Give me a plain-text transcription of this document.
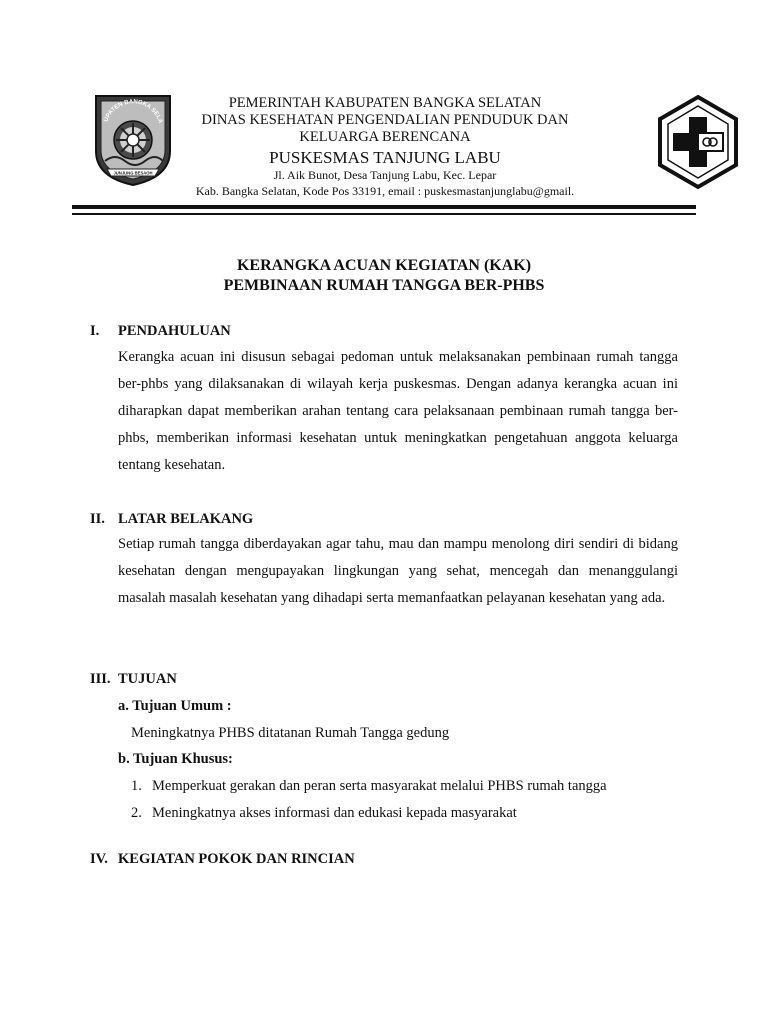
UPATEN BANGKA SELA
JUNJUNG BESAOH
PEMERINTAH KABUPATEN BANGKA SELATAN
DINAS KESEHATAN PENGENDALIAN PENDUDUK DAN
KELUARGA BERENCANA
PUSKESMAS TANJUNG LABU
Jl. Aik Bunot, Desa Tanjung Labu, Kec. Lepar
Kab. Bangka Selatan, Kode Pos 33191, email : puskesmastanjunglabu@gmail.
KERANGKA ACUAN KEGIATAN (KAK)
PEMBINAAN RUMAH TANGGA BER-PHBS
I. PENDAHULUAN

Kerangka acuan ini disusun sebagai pedoman untuk melaksanakan pembinaan rumah tangga ber-phbs yang dilaksanakan di wilayah kerja puskesmas. Dengan adanya kerangka acuan ini diharapkan dapat memberikan arahan tentang cara pelaksanaan pembinaan rumah tangga ber-phbs, memberikan informasi kesehatan untuk meningkatkan pengetahuan anggota keluarga tentang kesehatan.

II. LATAR BELAKANG

Setiap rumah tangga diberdayakan agar tahu, mau dan mampu menolong diri sendiri di bidang kesehatan dengan mengupayakan lingkungan yang sehat, mencegah dan menanggulangi masalah masalah kesehatan yang dihadapi serta memanfaatkan pelayanan kesehatan yang ada.

III. TUJUAN
a. Tujuan Umum :
Meningkatnya PHBS ditatanan Rumah Tangga gedung
b. Tujuan Khusus:
1. Memperkuat gerakan dan peran serta masyarakat melalui PHBS rumah tangga
2. Meningkatnya akses informasi dan edukasi kepada masyarakat
IV. KEGIATAN POKOK DAN RINCIAN
